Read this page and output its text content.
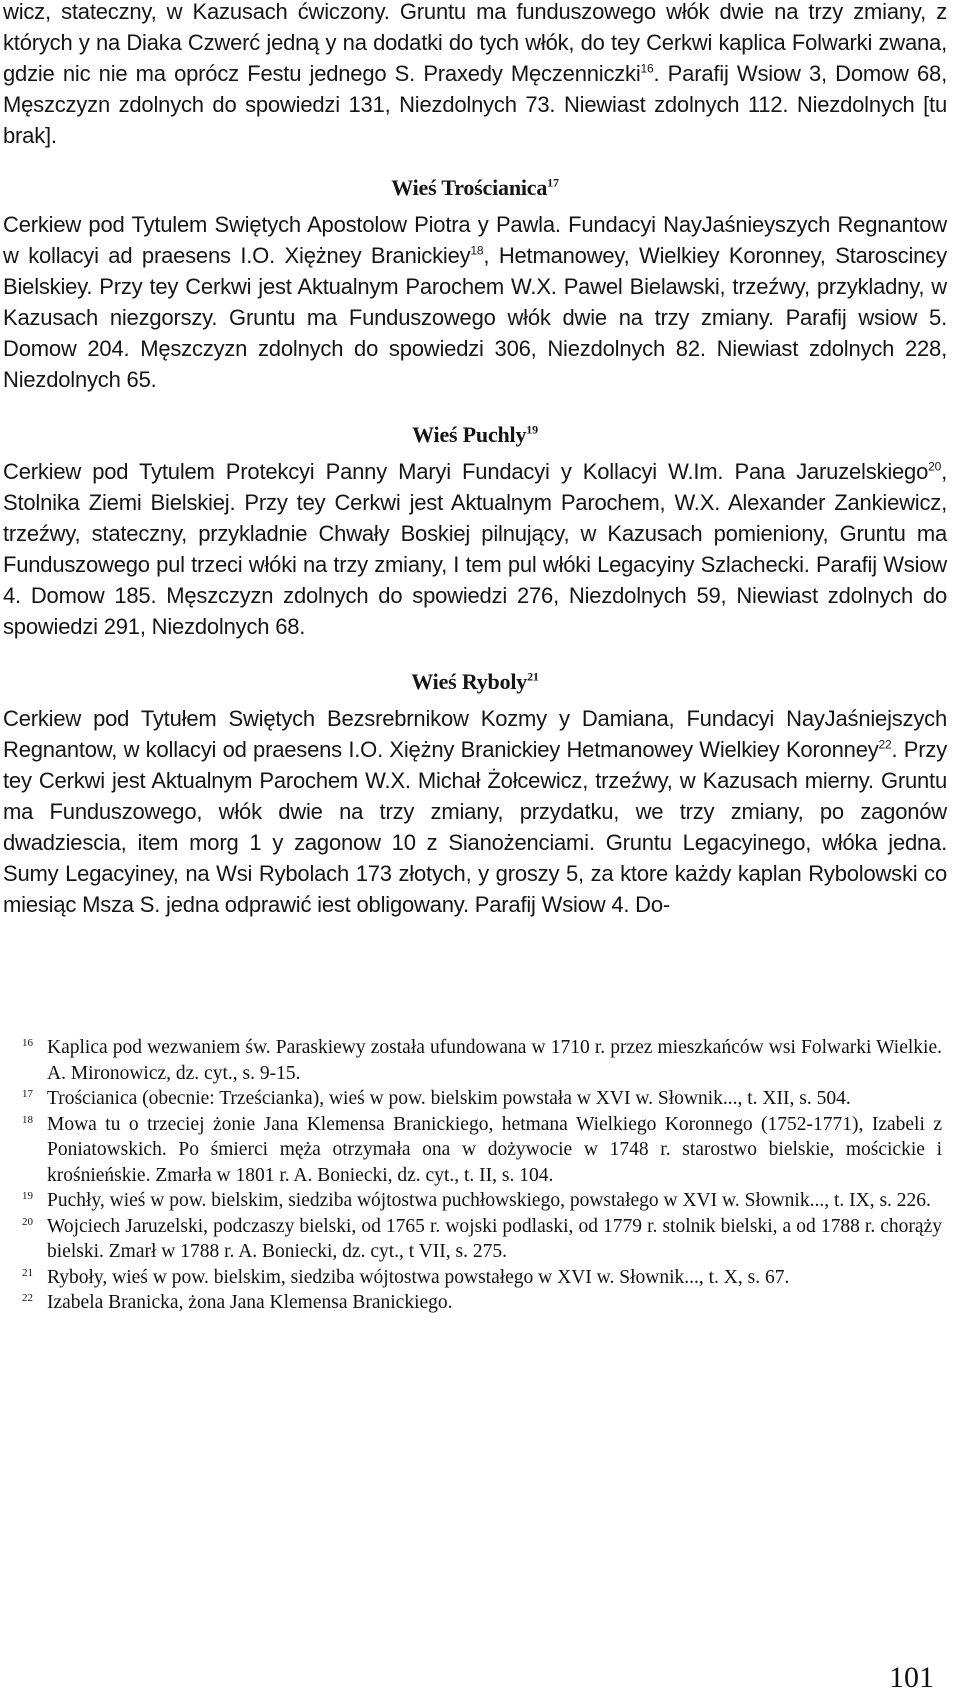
wicz, stateczny, w Kazusach ćwiczony. Gruntu ma funduszowego włók dwie na trzy zmiany, z których y na Diaka Czwerć jedną y na dodatki do tych włók, do tey Cerkwi kaplica Folwarki zwana, gdzie nic nie ma oprócz Festu jednego S. Praxedy Męczenniczki$^{16}$. Parafij Wsiow 3, Domow 68, Męszczyzn zdolnych do spowiedzi 131, Niezdolnych 73. Niewiast zdolnych 112. Niezdolnych [tu brak].

Wieś Trościanica$^{17}$

Cerkiew pod Tytulem Swiętych Apostolow Piotra y Pawla. Fundacyi NayJaśnieyszych Regnantow w kollacyi ad praesens I.O. Xiężney Branickiey$^{18}$, Hetmanowey, Wielkiey Koronney, Staroscinєy Bielskiey. Przy tey Cerkwi jest Aktualnym Parochem W.X. Pawel Bielawski, trzeźwy, przykladny, w Kazusach niezgorszy. Gruntu ma Funduszowego włók dwie na trzy zmiany. Parafij wsiow 5. Domow 204. Męszczyzn zdolnych do spowiedzi 306, Niezdolnych 82. Niewiast zdolnych 228, Niezdolnych 65.

Wieś Puchly$^{19}$

Cerkiew pod Tytulem Protekcyi Panny Maryi Fundacyi y Kollacyi W.Im. Pana Jaruzelskiego$^{20}$, Stolnika Ziemi Bielskiej. Przy tey Cerkwi jest Aktualnym Parochem, W.X. Alexander Zankiewicz, trzeźwy, stateczny, przykladnie Chwały Boskiej pilnujący, w Kazusach pomieniony, Gruntu ma Funduszowego pul trzeci włóki na trzy zmiany, I tem pul włóki Legacyiny Szlachecki. Parafij Wsiow 4. Domow 185. Męszczyzn zdolnych do spowiedzi 276, Niezdolnych 59, Niewiast zdolnych do spowiedzi 291, Niezdolnych 68.

Wieś Ryboly$^{21}$

Cerkiew pod Tytułem Swiętych Bezsrebrnikow Kozmy y Damiana, Fundacyi NayJaśniejszych Regnantow, w kollacyi od praesens I.O. Xiężny Branickiey Hetmanowey Wielkiey Koronney$^{22}$. Przy tey Cerkwi jest Aktualnym Parochem W.X. Michał Żołcewicz, trzeźwy, w Kazusach mierny. Gruntu ma Funduszowego, włók dwie na trzy zmiany, przydatku, we trzy zmiany, po zagonów dwadziescia, item morg 1 y zagonow 10 z Sianożenciami. Gruntu Legacyinego, włóka jedna. Sumy Legacyiney, na Wsi Rybolach 173 złotych, y groszy 5, za ktore każdy kaplan Rybolowski co miesiąc Msza S. jedna odprawić iest obligowany. Parafij Wsiow 4. Do-

16 Kaplica pod wezwaniem św. Paraskiewy została ufundowana w 1710 r. przez mieszkańców wsi Folwarki Wielkie. A. Mironowicz, dz. cyt., s. 9-15.
17 Trościanica (obecnie: Trześcianka), wieś w pow. bielskim powstała w XVI w. Słownik..., t. XII, s. 504.
18 Mowa tu o trzeciej żonie Jana Klemensa Branickiego, hetmana Wielkiego Koronnego (1752-1771), Izabeli z Poniatowskich. Po śmierci męża otrzymała ona w dożywocie w 1748 r. starostwo bielskie, mościckie i krośnieńskie. Zmarła w 1801 r. A. Boniecki, dz. cyt., t. II, s. 104.
19 Puchły, wieś w pow. bielskim, siedziba wójtostwa puchłowskiego, powstałego w XVI w. Słownik..., t. IX, s. 226.
20 Wojciech Jaruzelski, podczaszy bielski, od 1765 r. wojski podlaski, od 1779 r. stolnik bielski, a od 1788 r. chorąży bielski. Zmarł w 1788 r. A. Boniecki, dz. cyt., t VII, s. 275.
21 Ryboły, wieś w pow. bielskim, siedziba wójtostwa powstałego w XVI w. Słownik..., t. X, s. 67.
22 Izabela Branicka, żona Jana Klemensa Branickiego.
101
